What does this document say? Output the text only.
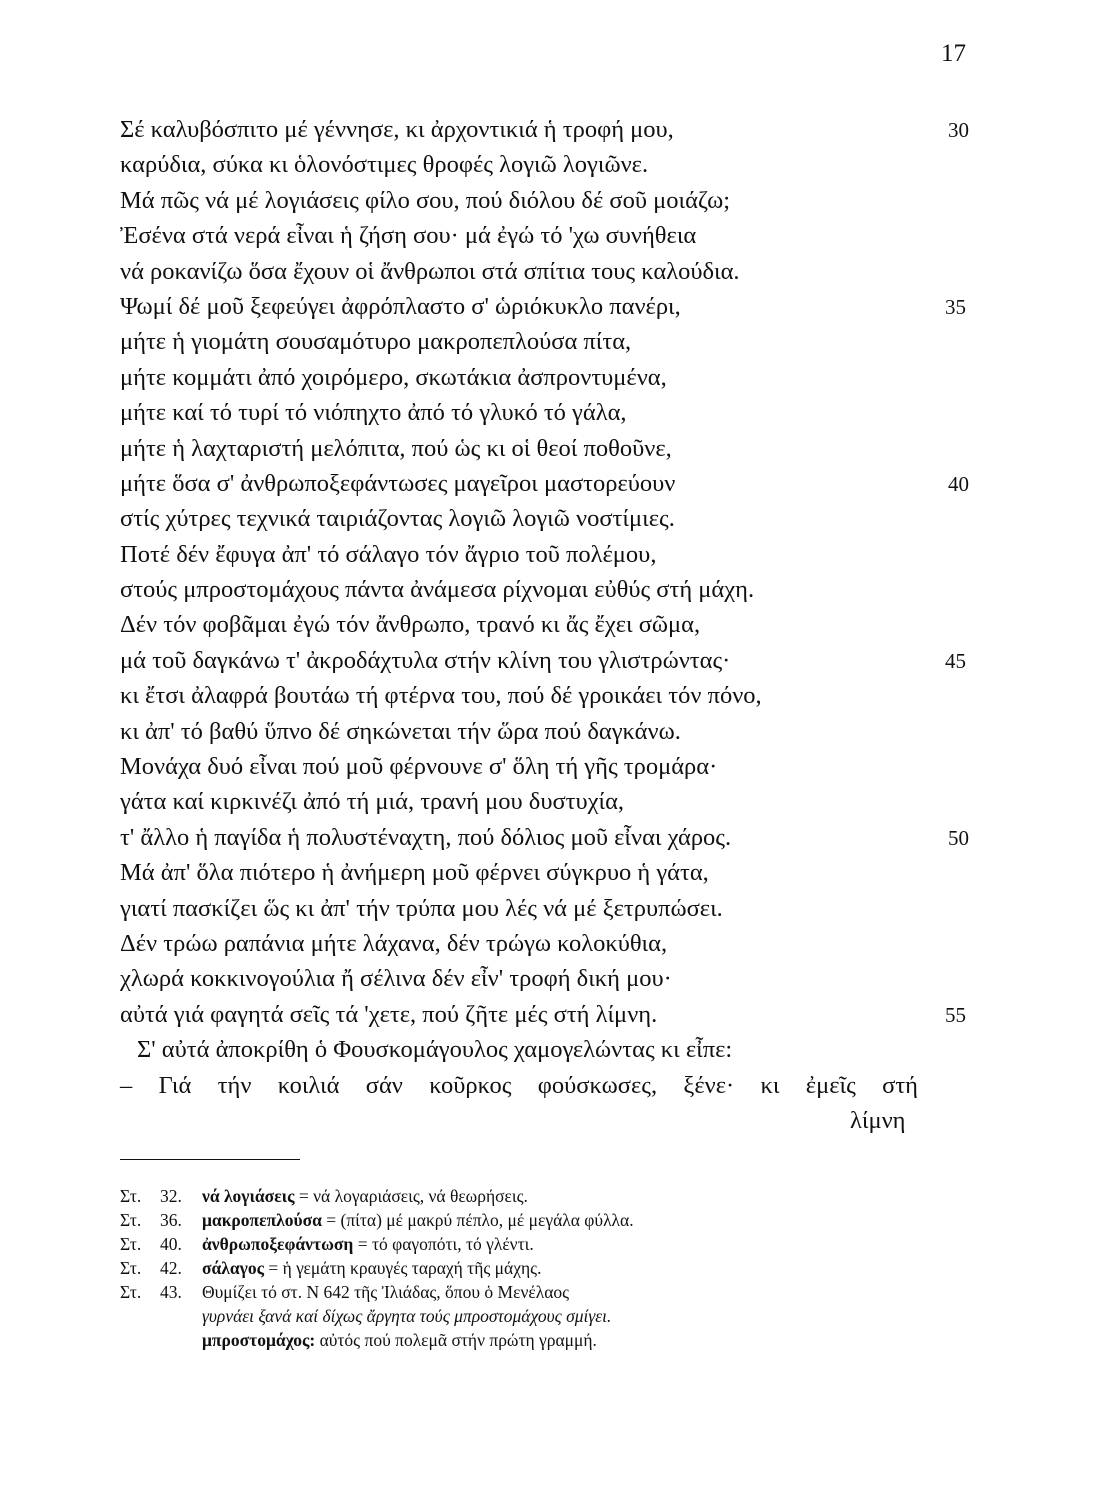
17
Σέ καλυβόσπιτο μέ γέννησε, κι ἀρχοντικιά ἡ τροφή μου,	30
καρύδια, σύκα κι ὁλονόστιμες θροφές λογιῶ λογιῶνε.
Μά πῶς νά μέ λογιάσεις φίλο σου, πού διόλου δέ σοῦ μοιάζω;
Ἐσένα στά νερά εἶναι ἡ ζήση σου· μά ἐγώ τό 'χω συνήθεια
νά ροκανίζω ὅσα ἔχουν οἱ ἄνθρωποι στά σπίτια τους καλούδια.
Ψωμί δέ μοῦ ξεφεύγει ἀφρόπλαστο σ' ὡριόκυκλο πανέρι,	35
μήτε ἡ γιομάτη σουσαμότυρο μακροπεπλούσα πίτα,
μήτε κομμάτι ἀπό χοιρόμερο, σκωτάκια ἀσπροντυμένα,
μήτε καί τό τυρί τό νιόπηχτο ἀπό τό γλυκό τό γάλα,
μήτε ἡ λαχταριστή μελόπιτα, πού ὡς κι οἱ θεοί ποθοῦνε,
μήτε ὅσα σ' ἀνθρωποξεφάντωσες μαγεῖροι μαστορεύουν	40
στίς χύτρες τεχνικά ταιριάζοντας λογιῶ λογιῶ νοστίμιες.
Ποτέ δέν ἔφυγα ἀπ' τό σάλαγο τόν ἄγριο τοῦ πολέμου,
στούς μπροστομάχους πάντα ἀνάμεσα ρίχνομαι εὐθύς στή μάχη.
Δέν τόν φοβᾶμαι ἐγώ τόν ἄνθρωπο, τρανό κι ἄς ἔχει σῶμα,
μά τοῦ δαγκάνω τ' ἀκροδάχτυλα στήν κλίνη του γλιστρώντας·	45
κι ἔτσι ἀλαφρά βουτάω τή φτέρνα του, πού δέ γροικάει τόν πόνο,
κι ἀπ' τό βαθύ ὕπνο δέ σηκώνεται τήν ὥρα πού δαγκάνω.
Μονάχα δυό εἶναι πού μοῦ φέρνουνε σ' ὅλη τή γῆς τρομάρα·
γάτα καί κιρκινέζι ἀπό τή μιά, τρανή μου δυστυχία,
τ' ἄλλο ἡ παγίδα ἡ πολυστέναχτη, πού δόλιος μοῦ εἶναι χάρος.	50
Μά ἀπ' ὅλα πιότερο ἡ ἀνήμερη μοῦ φέρνει σύγκρυο ἡ γάτα,
γιατί πασκίζει ὥς κι ἀπ' τήν τρύπα μου λές νά μέ ξετρυπώσει.
Δέν τρώω ραπάνια μήτε λάχανα, δέν τρώγω κολοκύθια,
χλωρά κοκκινογούλια ἤ σέλινα δέν εἶν' τροφή δική μου·
αὐτά γιά φαγητά σεῖς τά 'χετε, πού ζῆτε μές στή λίμνη.	55
Σ' αὐτά ἀποκρίθη ὁ Φουσκομάγουλος χαμογελώντας κι εἶπε:
– Γιά τήν κοιλιά σάν κοῦρκος φούσκωσες, ξένε· κι ἐμεῖς στή
λίμνη
Στ. 32. νά λογιάσεις = νά λογαριάσεις, νά θεωρήσεις.
Στ. 36. μακροπεπλούσα = (πίτα) μέ μακρύ πέπλο, μέ μεγάλα φύλλα.
Στ. 40. ἀνθρωποξεφάντωση = τό φαγοπότι, τό γλέντι.
Στ. 42. σάλαγος = ἡ γεμάτη κραυγές ταραχή τῆς μάχης.
Στ. 43. Θυμίζει τό στ. Ν 642 τῆς Ἰλιάδας, ὅπου ὁ Μενέλαος
γυρνάει ξανά καί δίχως ἄργητα τούς μπροστομάχους σμίγει.
μπροστομάχος: αὐτός πού πολεμᾶ στήν πρώτη γραμμή.
